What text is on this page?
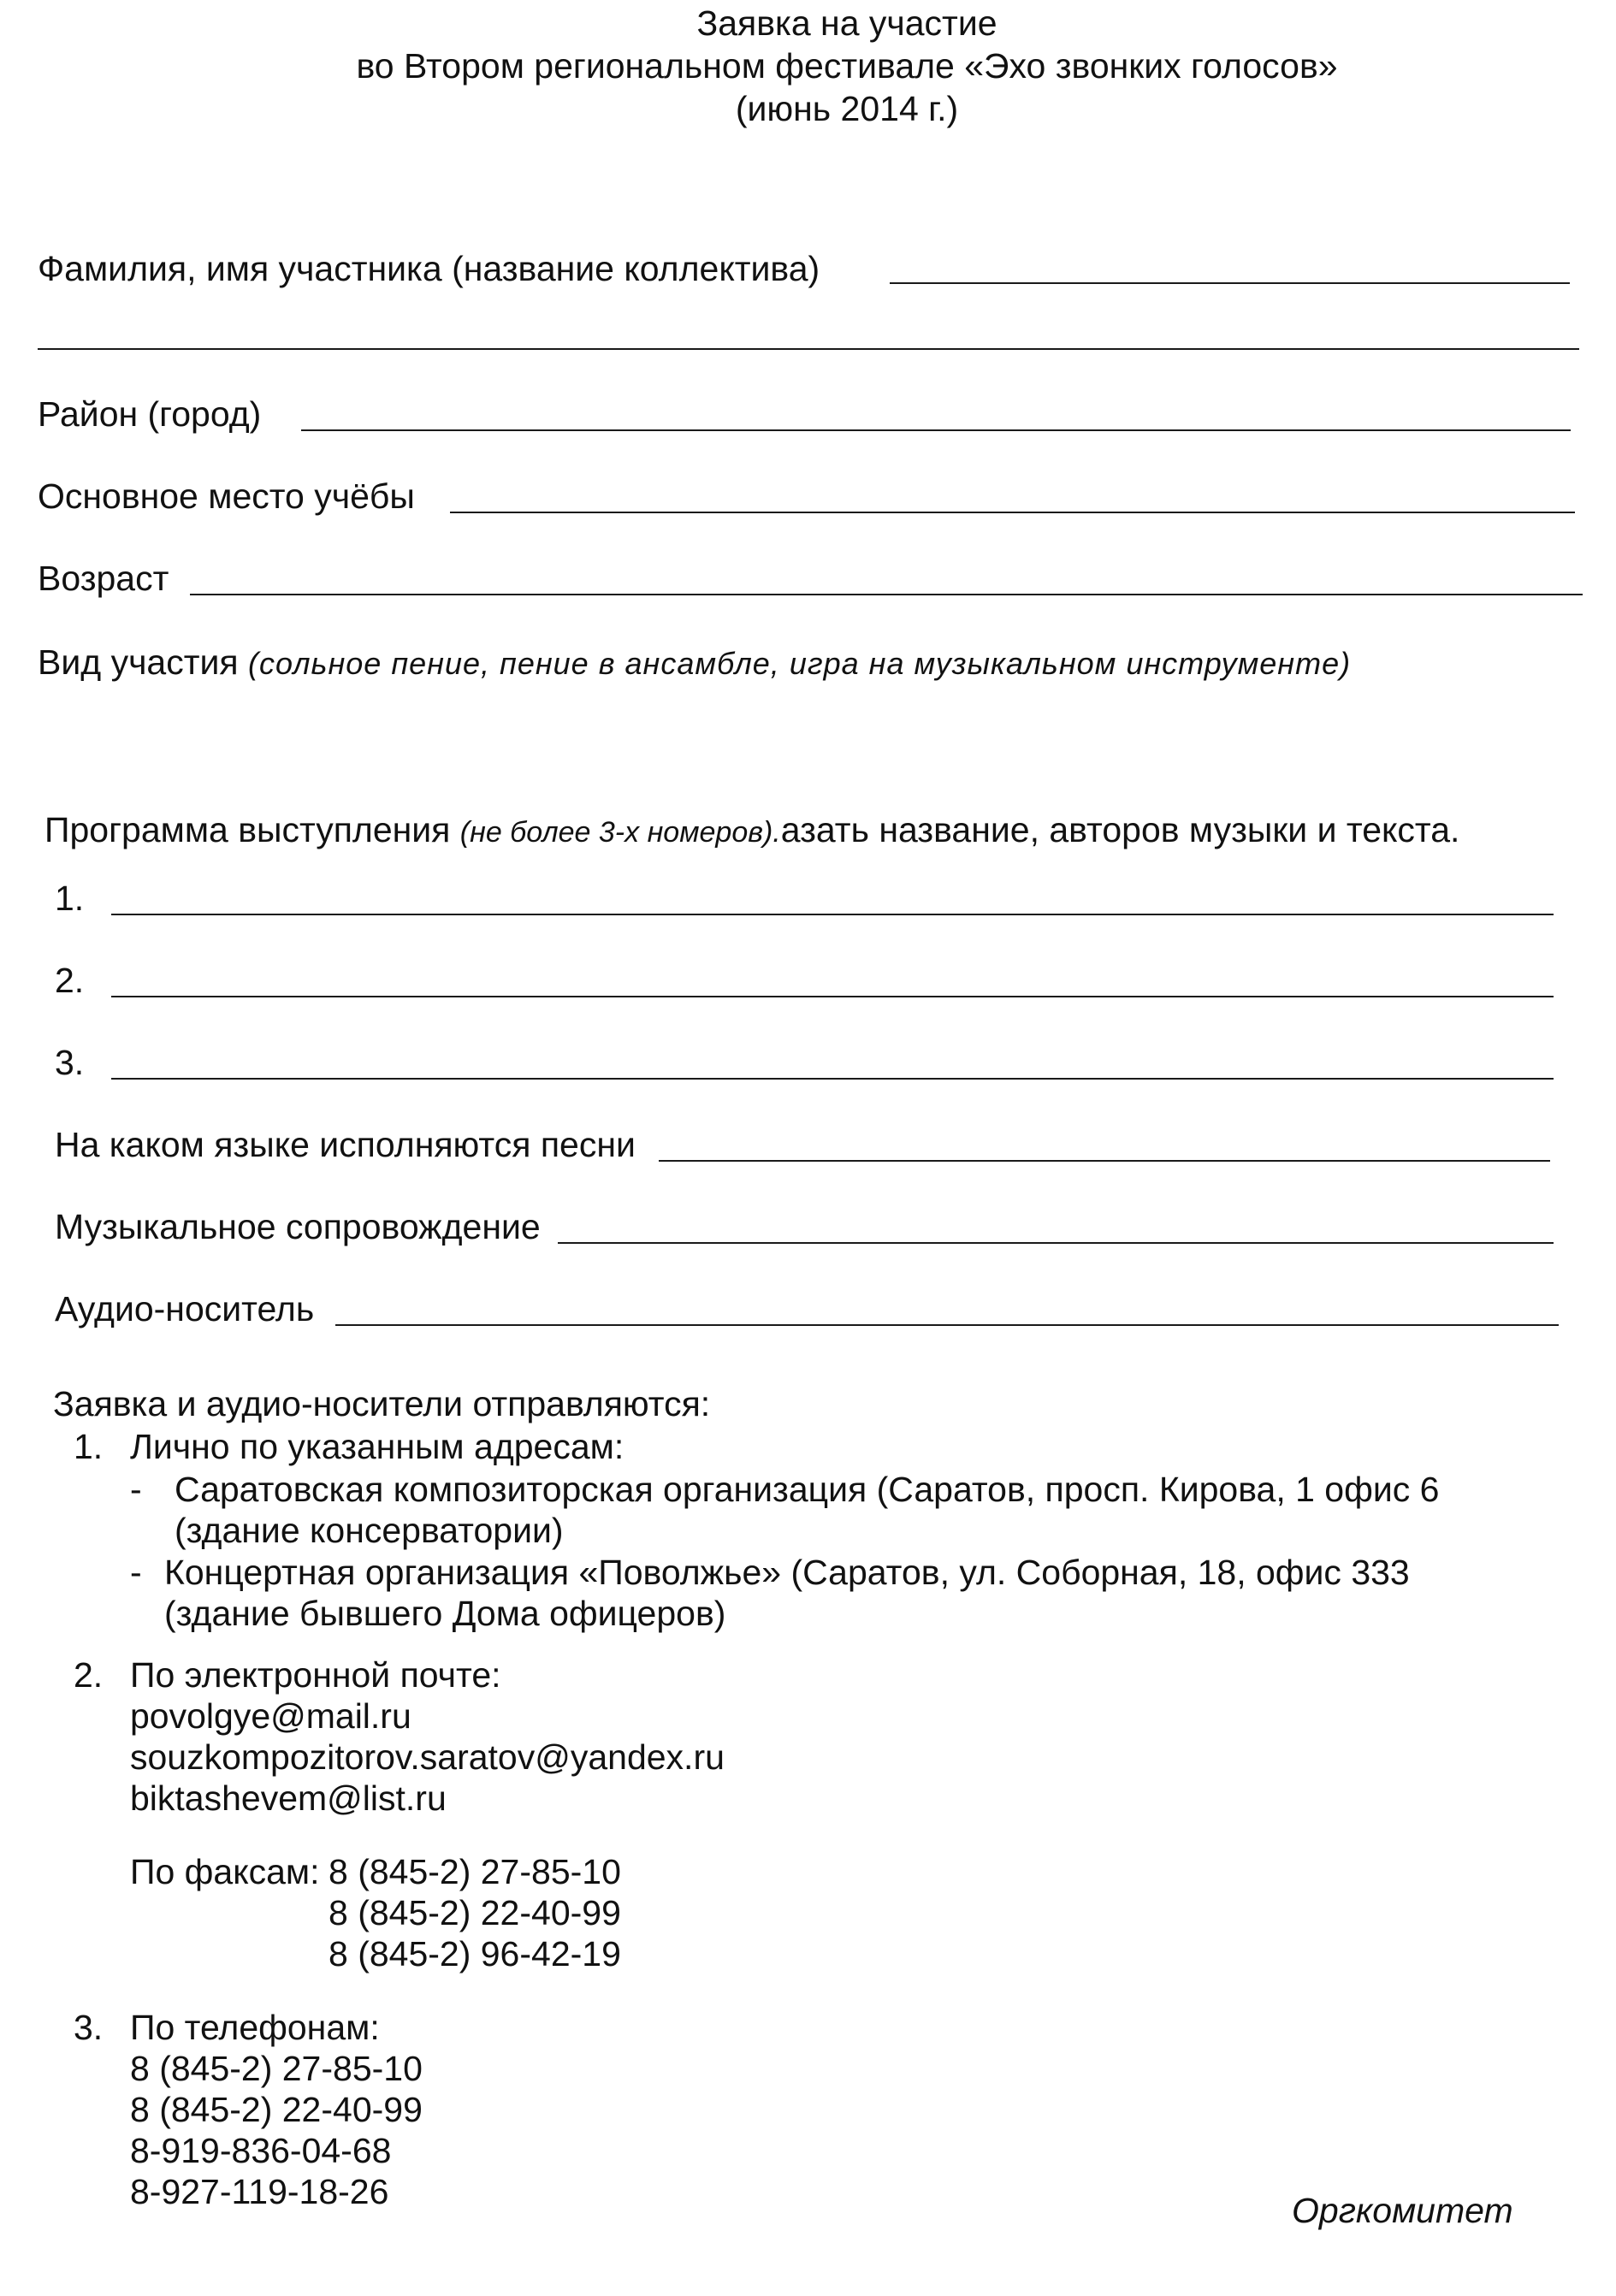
Заявка на участие
во Втором региональном фестивале «Эхо звонких голосов»
(июнь 2014 г.)
Фамилия, имя участника (название коллектива)
Район (город)
Основное место учёбы
Возраст
Вид участия (сольное пение, пение в ансамбле, игра на музыкальном инструменте)
Программа выступления (не более 3-х номеров).азать название, авторов музыки и текста.
1.
2.
3.
На каком языке исполняются песни
Музыкальное сопровождение
Аудио-носитель
Заявка и аудио-носители отправляются:
1. Лично по указанным адресам:
- Саратовская композиторская организация (Саратов, просп. Кирова, 1 офис 6
(здание консерватории)
- Концертная организация «Поволжье» (Саратов, ул. Соборная, 18, офис 333
(здание бывшего Дома офицеров)
2. По электронной почте:
povolgye@mail.ru
souzkompozitorov.saratov@yandex.ru
biktashevem@list.ru
По факсам: 8 (845-2) 27-85-10
8 (845-2) 22-40-99
8 (845-2) 96-42-19
3. По телефонам:
8 (845-2) 27-85-10
8 (845-2) 22-40-99
8-919-836-04-68
8-927-119-18-26	Оргкомитет
